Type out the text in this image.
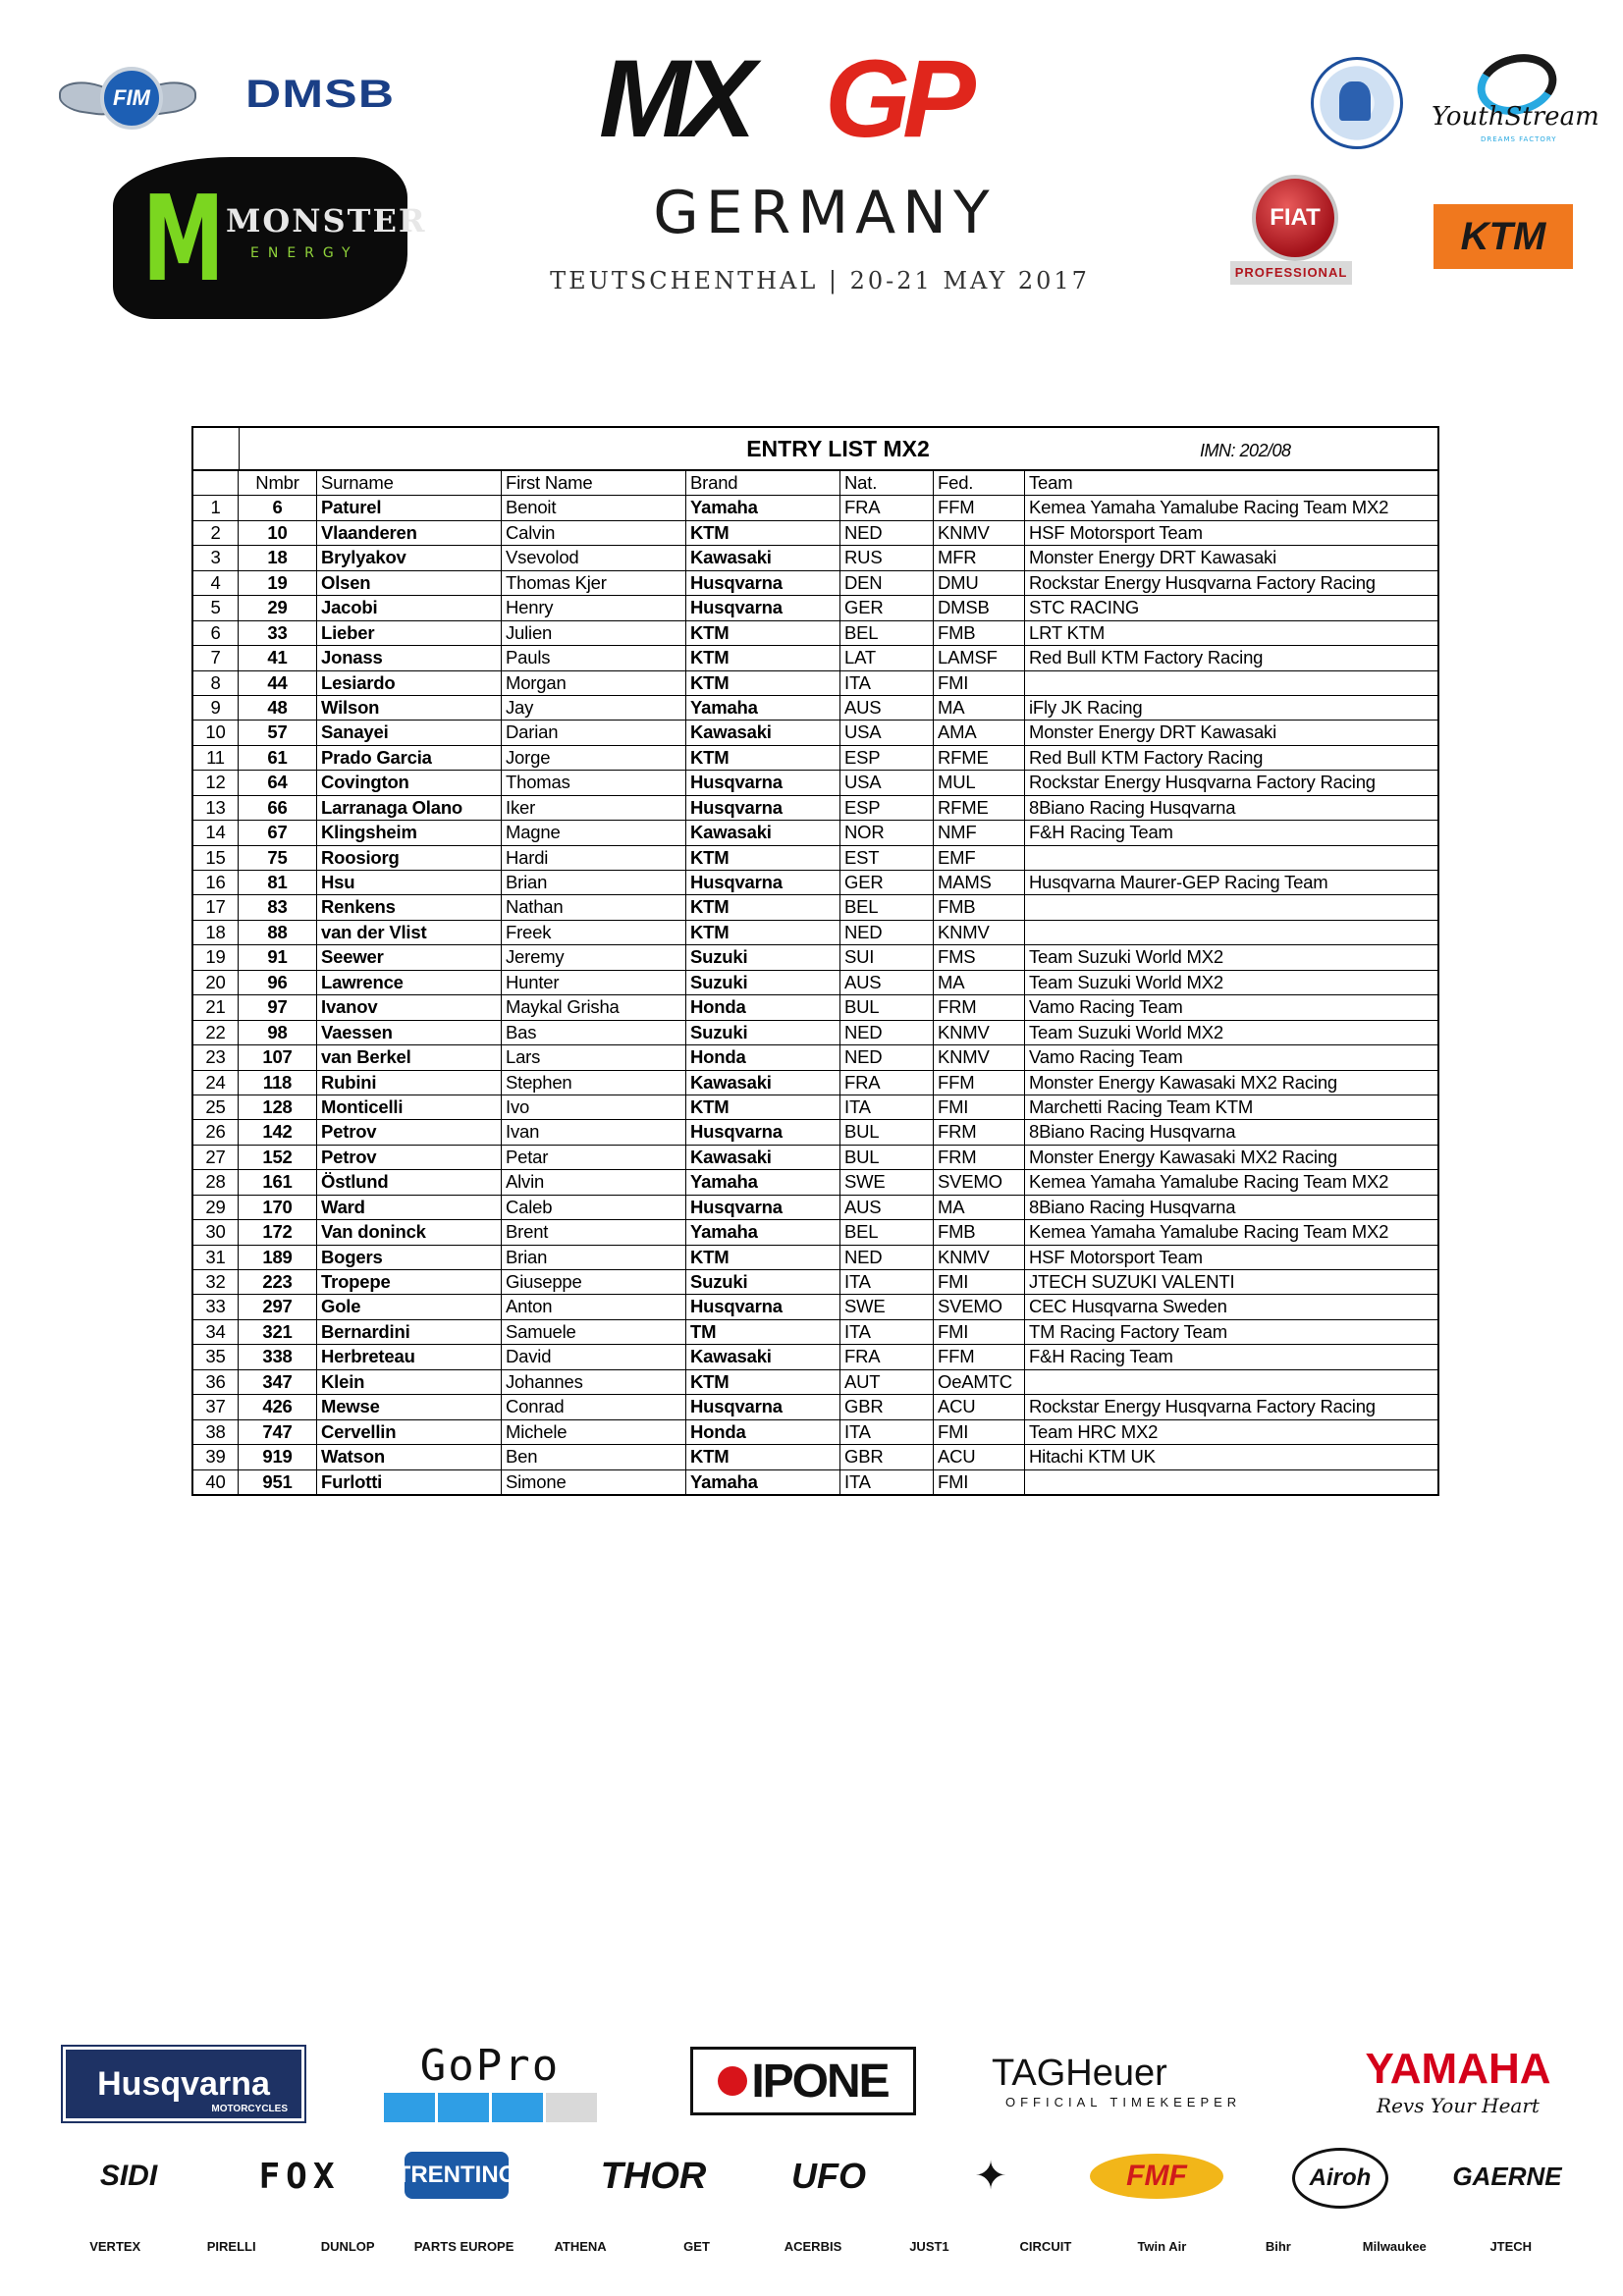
FIM	DMSB
M MONSTER
ENERGY
MX GP
GERMANY
TEUTSCHENTHAL | 20-21 MAY 2017
YouthStream
DREAMS FACTORY
FIAT
PROFESSIONAL
KTM
ENTRY LIST MX2	IMN: 202/08
Nmbr	Surname	First Name	Brand	Nat.	Fed.	Team
1	6	Paturel	Benoit	Yamaha	FRA	FFM	Kemea Yamaha Yamalube Racing Team MX2
2	10	Vlaanderen	Calvin	KTM	NED	KNMV	HSF Motorsport Team
3	18	Brylyakov	Vsevolod	Kawasaki	RUS	MFR	Monster Energy DRT Kawasaki
4	19	Olsen	Thomas Kjer	Husqvarna	DEN	DMU	Rockstar Energy Husqvarna Factory Racing
5	29	Jacobi	Henry	Husqvarna	GER	DMSB	STC RACING
6	33	Lieber	Julien	KTM	BEL	FMB	LRT KTM
7	41	Jonass	Pauls	KTM	LAT	LAMSF	Red Bull KTM Factory Racing
8	44	Lesiardo	Morgan	KTM	ITA	FMI
9	48	Wilson	Jay	Yamaha	AUS	MA	iFly JK Racing
10	57	Sanayei	Darian	Kawasaki	USA	AMA	Monster Energy DRT Kawasaki
11	61	Prado Garcia	Jorge	KTM	ESP	RFME	Red Bull KTM Factory Racing
12	64	Covington	Thomas	Husqvarna	USA	MUL	Rockstar Energy Husqvarna Factory Racing
13	66	Larranaga Olano	Iker	Husqvarna	ESP	RFME	8Biano Racing Husqvarna
14	67	Klingsheim	Magne	Kawasaki	NOR	NMF	F&H Racing Team
15	75	Roosiorg	Hardi	KTM	EST	EMF
16	81	Hsu	Brian	Husqvarna	GER	MAMS	Husqvarna Maurer-GEP Racing Team
17	83	Renkens	Nathan	KTM	BEL	FMB
18	88	van der Vlist	Freek	KTM	NED	KNMV
19	91	Seewer	Jeremy	Suzuki	SUI	FMS	Team Suzuki World MX2
20	96	Lawrence	Hunter	Suzuki	AUS	MA	Team Suzuki World MX2
21	97	Ivanov	Maykal Grisha	Honda	BUL	FRM	Vamo Racing Team
22	98	Vaessen	Bas	Suzuki	NED	KNMV	Team Suzuki World MX2
23	107	van Berkel	Lars	Honda	NED	KNMV	Vamo Racing Team
24	118	Rubini	Stephen	Kawasaki	FRA	FFM	Monster Energy Kawasaki MX2 Racing
25	128	Monticelli	Ivo	KTM	ITA	FMI	Marchetti Racing Team KTM
26	142	Petrov	Ivan	Husqvarna	BUL	FRM	8Biano Racing Husqvarna
27	152	Petrov	Petar	Kawasaki	BUL	FRM	Monster Energy Kawasaki MX2 Racing
28	161	Östlund	Alvin	Yamaha	SWE	SVEMO	Kemea Yamaha Yamalube Racing Team MX2
29	170	Ward	Caleb	Husqvarna	AUS	MA	8Biano Racing Husqvarna
30	172	Van doninck	Brent	Yamaha	BEL	FMB	Kemea Yamaha Yamalube Racing Team MX2
31	189	Bogers	Brian	KTM	NED	KNMV	HSF Motorsport Team
32	223	Tropepe	Giuseppe	Suzuki	ITA	FMI	JTECH SUZUKI VALENTI
33	297	Gole	Anton	Husqvarna	SWE	SVEMO	CEC Husqvarna Sweden
34	321	Bernardini	Samuele	TM	ITA	FMI	TM Racing Factory Team
35	338	Herbreteau	David	Kawasaki	FRA	FFM	F&H Racing Team
36	347	Klein	Johannes	KTM	AUT	OeAMTC
37	426	Mewse	Conrad	Husqvarna	GBR	ACU	Rockstar Energy Husqvarna Factory Racing
38	747	Cervellin	Michele	Honda	ITA	FMI	Team HRC MX2
39	919	Watson	Ben	KTM	GBR	ACU	Hitachi KTM UK
40	951	Furlotti	Simone	Yamaha	ITA	FMI
Husqvarna
MOTORCYCLES
GoPro	IPONE	TAGHeuer
OFFICIAL TIMEKEEPER
YAMAHA
Revs Your Heart
SIDI	FOX	TRENTINO	THOR	UFO	✦	FMF	Airoh	GAERNE
VERTEX	PIRELLI	DUNLOP	PARTS EUROPE	ATHENA	GET	ACERBIS	JUST1	CIRCUIT	Twin Air	Bihr	Milwaukee	JTECH
